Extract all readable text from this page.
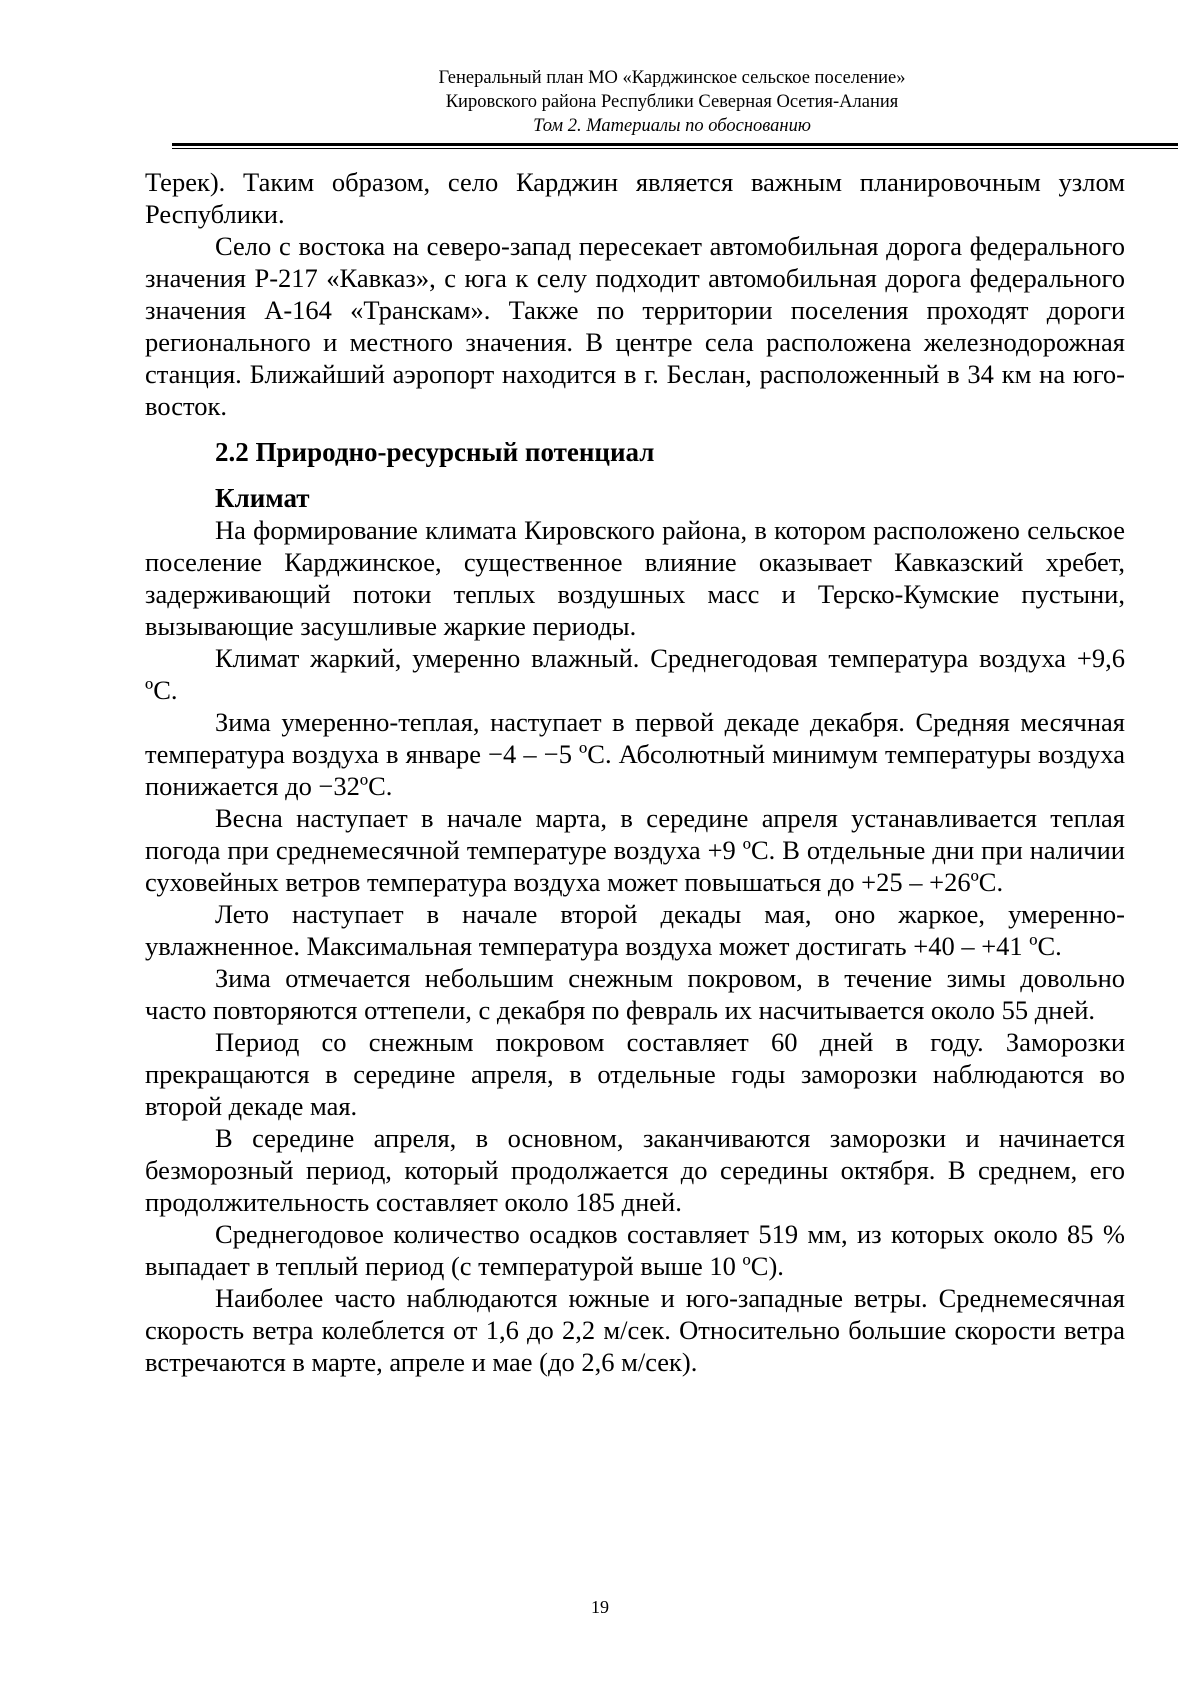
Генеральный план МО «Карджинское сельское поселение»
Кировского района Республики Северная Осетия-Алания
Том 2. Материалы по обоснованию

Терек). Таким образом, село Карджин является важным планировочным узлом Республики.

Село с востока на северо-запад пересекает автомобильная дорога федерального значения Р-217 «Кавказ», с юга к селу подходит автомобильная дорога федерального значения А-164 «Транскам». Также по территории поселения проходят дороги регионального и местного значения. В центре села расположена железнодорожная станция. Ближайший аэропорт находится в г. Беслан, расположенный в 34 км на юго-восток.

2.2 Природно-ресурсный потенциал
Климат

На формирование климата Кировского района, в котором расположено сельское поселение Карджинское, существенное влияние оказывает Кавказский хребет, задерживающий потоки теплых воздушных масс и Терско-Кумские пустыни, вызывающие засушливые жаркие периоды.

Климат жаркий, умеренно влажный. Среднегодовая температура воздуха +9,6 ºС.

Зима умеренно-теплая, наступает в первой декаде декабря. Средняя месячная температура воздуха в январе −4 – −5 ºС. Абсолютный минимум температуры воздуха понижается до −32ºС.

Весна наступает в начале марта, в середине апреля устанавливается теплая погода при среднемесячной температуре воздуха +9 ºС. В отдельные дни при наличии суховейных ветров температура воздуха может повышаться до +25 – +26ºС.

Лето наступает в начале второй декады мая, оно жаркое, умеренно-увлажненное. Максимальная температура воздуха может достигать +40 – +41 ºС.

Зима отмечается небольшим снежным покровом, в течение зимы довольно часто повторяются оттепели, с декабря по февраль их насчитывается около 55 дней.

Период со снежным покровом составляет 60 дней в году. Заморозки прекращаются в середине апреля, в отдельные годы заморозки наблюдаются во второй декаде мая.

В середине апреля, в основном, заканчиваются заморозки и начинается безморозный период, который продолжается до середины октября. В среднем, его продолжительность составляет около 185 дней.

Среднегодовое количество осадков составляет 519 мм, из которых около 85 % выпадает в теплый период (с температурой выше 10 ºС).

Наиболее часто наблюдаются южные и юго-западные ветры. Среднемесячная скорость ветра колеблется от 1,6 до 2,2 м/сек. Относительно большие скорости ветра встречаются в марте, апреле и мае (до 2,6 м/сек).

19
